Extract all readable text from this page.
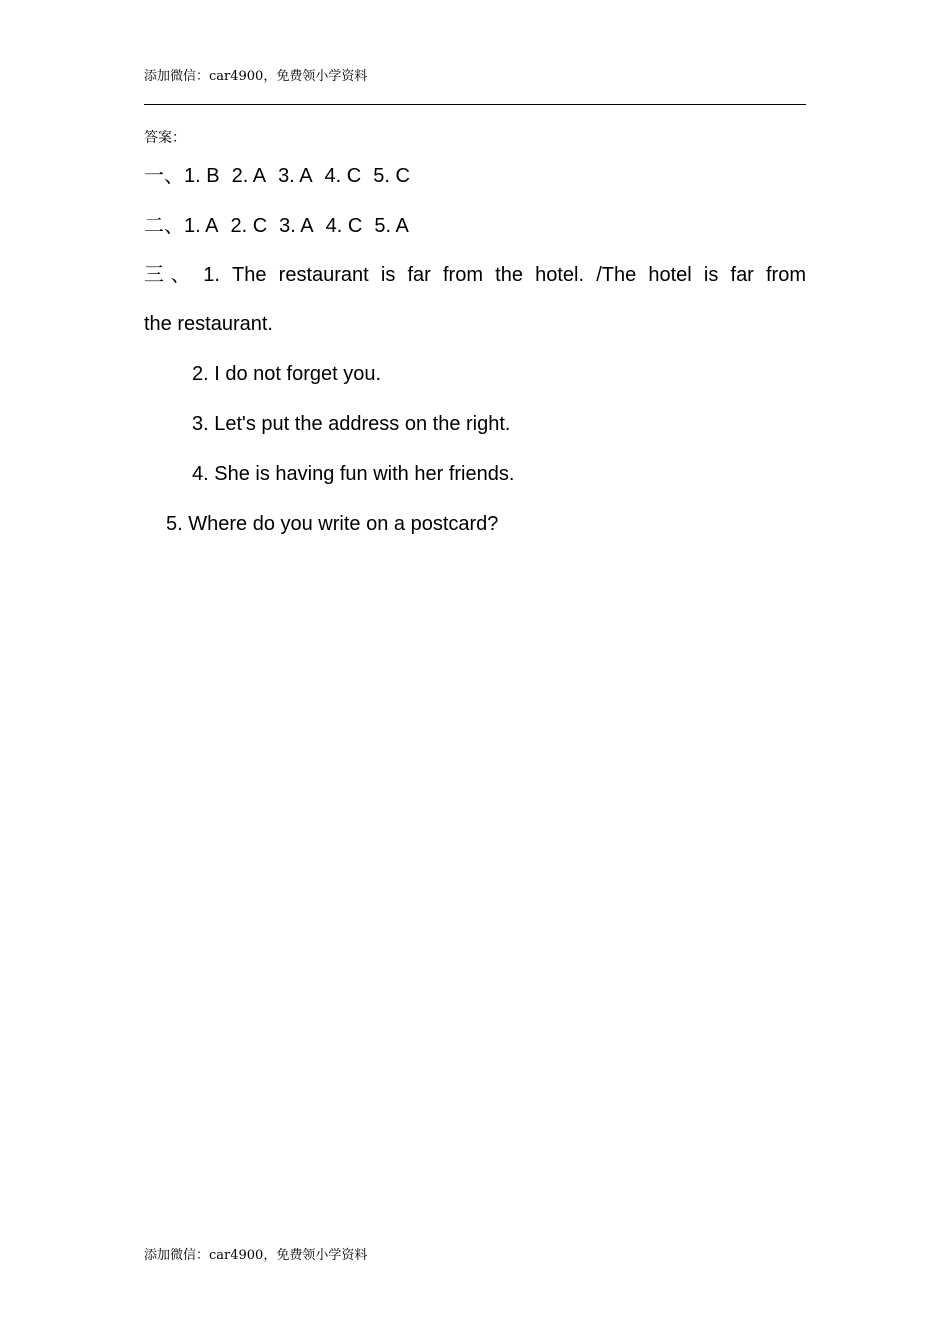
添加微信：car4900，免费领小学资料
答案：
一、1. B 2. A 3. A 4. C 5. C
二、1. A 2. C 3. A 4. C 5. A
三、 1. The restaurant is far from the hotel. /The hotel is far from
the restaurant.
2. I do not forget you.
3. Let's put the address on the right.
4. She is having fun with her friends.
5. Where do you write on a postcard?
添加微信：car4900，免费领小学资料
